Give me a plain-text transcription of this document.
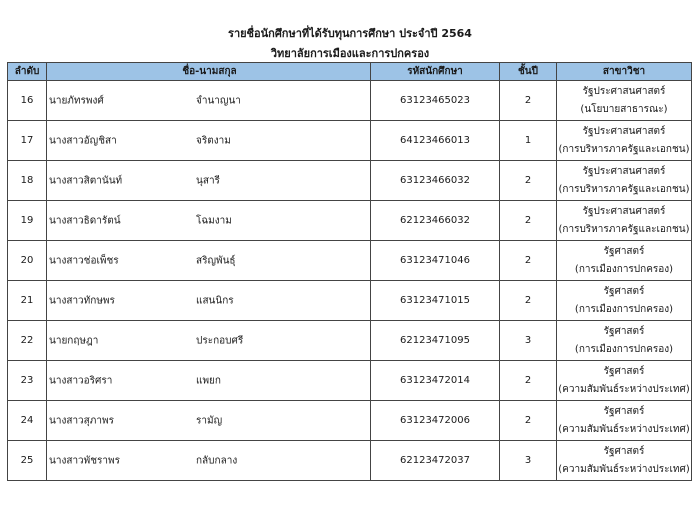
รายชื่อนักศึกษาที่ได้รับทุนการศึกษา ประจำปี 2564
วิทยาลัยการเมืองและการปกครอง
ลำดับ	ชื่อ-นามสกุล	รหัสนักศึกษา	ชั้นปี	สาขาวิชา
16	นายภัทรพงศ์ จำนาญนา	63123465023	2	รัฐประศาสนศาสตร์
(นโยบายสาธารณะ)

17	นางสาวอัญชิสา จริตงาม	64123466013	1	รัฐประศาสนศาสตร์
(การบริหารภาครัฐและเอกชน)

18	นางสาวสิตานันท์ นุสารี	63123466032	2	รัฐประศาสนศาสตร์
(การบริหารภาครัฐและเอกชน)

19	นางสาวธิดารัตน์ โฉมงาม	62123466032	2	รัฐประศาสนศาสตร์
(การบริหารภาครัฐและเอกชน)

20	นางสาวช่อเพ็ชร สริญพันธุ์	63123471046	2	รัฐศาสตร์
(การเมืองการปกครอง)

21	นางสาวทักษพร แสนนิกร	63123471015	2	รัฐศาสตร์
(การเมืองการปกครอง)

22	นายกฤษฎา ประกอบศรี	62123471095	3	รัฐศาสตร์
(การเมืองการปกครอง)

23	นางสาวอริศรา แพยก	63123472014	2	รัฐศาสตร์
(ความสัมพันธ์ระหว่างประเทศ)

24	นางสาวสุภาพร รามัญ	63123472006	2	รัฐศาสตร์
(ความสัมพันธ์ระหว่างประเทศ)

25	นางสาวพัชราพร กลับกลาง	62123472037	3	รัฐศาสตร์
(ความสัมพันธ์ระหว่างประเทศ)
